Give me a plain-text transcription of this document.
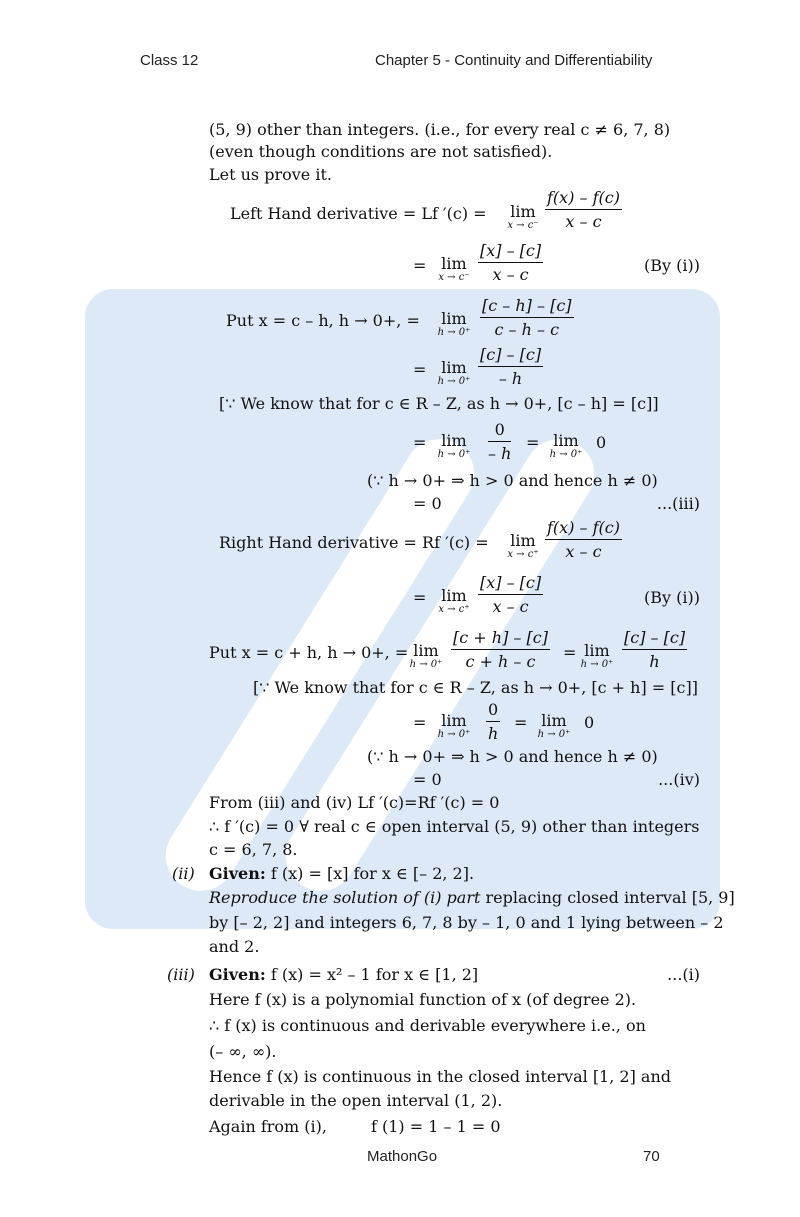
Class 12	Chapter 5 - Continuity and Differentiability
(5, 9) other than integers. (i.e., for every real c ≠ 6, 7, 8)
(even though conditions are not satisfied).
Let us prove it.
Left Hand derivative = Lf ′(c) =	lim
$x \to c^- \frac{f(x) - f(c)}{x - c}$
= lim
$x \to c^- \frac{[x] - [c]}{x - c}$	(By (i))
Put x = c – h, h → 0+, =	lim
$h \to 0^+ \frac{[c - h] - [c]}{c - h - c}$
= lim
$h \to 0^+ \frac{[c] - [c]}{- h}$
[∵ We know that for c ∈ R – Z, as h → 0+, [c – h] = [c]]
= lim
h → 0⁺	$\frac{0}{- h} = \lim$
h → 0⁺
0
(∵ h → 0+ ⇒ h > 0 and hence h ≠ 0)
= 0	...(iii)
Right Hand derivative = Rf ′(c) =	lim
$x \to c^+ \frac{f(x) - f(c)}{x - c}$
= lim
$x \to c^+ \frac{[x] - [c]}{x - c}$	(By (i))
Put x = c + h, h → 0+, = lim
$h \to 0^+ \frac{[c + h] - [c]}{c + h - c} = \lim$
$h \to 0^+ \frac{[c] - [c]}{h}$
[∵ We know that for c ∈ R – Z, as h → 0+, [c + h] = [c]]
= lim
$h \to 0^+ \frac{0}{h} = \lim$
h → 0⁺
0
(∵ h → 0+ ⇒ h > 0 and hence h ≠ 0)
= 0	...(iv)
From (iii) and (iv) Lf ′(c)=Rf ′(c) = 0
∴ f ′(c) = 0 ∀ real c ∈ open interval (5, 9) other than integers
c = 6, 7, 8.
(ii) Given: f (x) = [x] for x ∈ [– 2, 2].
Reproduce the solution of (i) part replacing closed interval [5, 9]
by [– 2, 2] and integers 6, 7, 8 by – 1, 0 and 1 lying between – 2
and 2.
(iii) Given: f (x) = x² – 1 for x ∈ [1, 2]	...(i)
Here f (x) is a polynomial function of x (of degree 2).
∴ f (x) is continuous and derivable everywhere i.e., on
(– ∞, ∞).
Hence f (x) is continuous in the closed interval [1, 2] and
derivable in the open interval (1, 2).
Again from (i),	f (1) = 1 – 1 = 0
MathonGo	70
